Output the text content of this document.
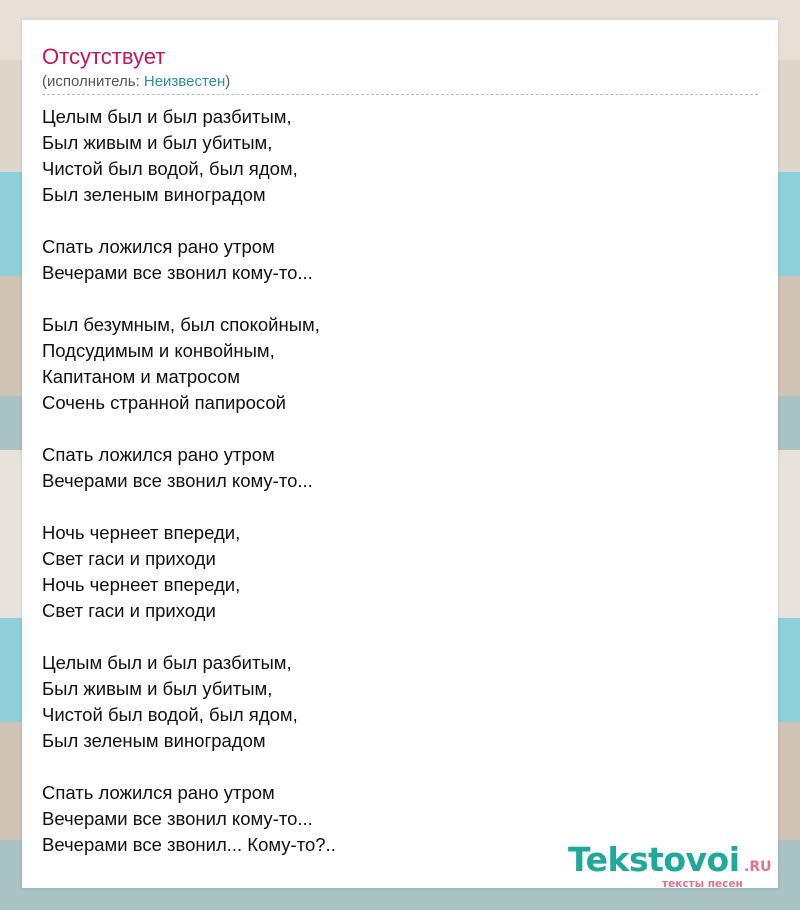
Отсутствует
(исполнитель: Неизвестен)
Целым был и был разбитым,
Был живым и был убитым,
Чистой был водой, был ядом,
Был зеленым виноградом
Спать ложился рано утром
Вечерами все звонил кому-то...
Был безумным, был спокойным,
Подсудимым и конвойным,
Капитаном и матросом
Сочень странной папиросой
Спать ложился рано утром
Вечерами все звонил кому-то...
Ночь чернеет впереди,
Свет гаси и приходи
Ночь чернеет впереди,
Свет гаси и приходи
Целым был и был разбитым,
Был живым и был убитым,
Чистой был водой, был ядом,
Был зеленым виноградом
Спать ложился рано утром
Вечерами все звонил кому-то...
Вечерами все звонил... Кому-то?..	Tekstovoi .RU
тексты песен
